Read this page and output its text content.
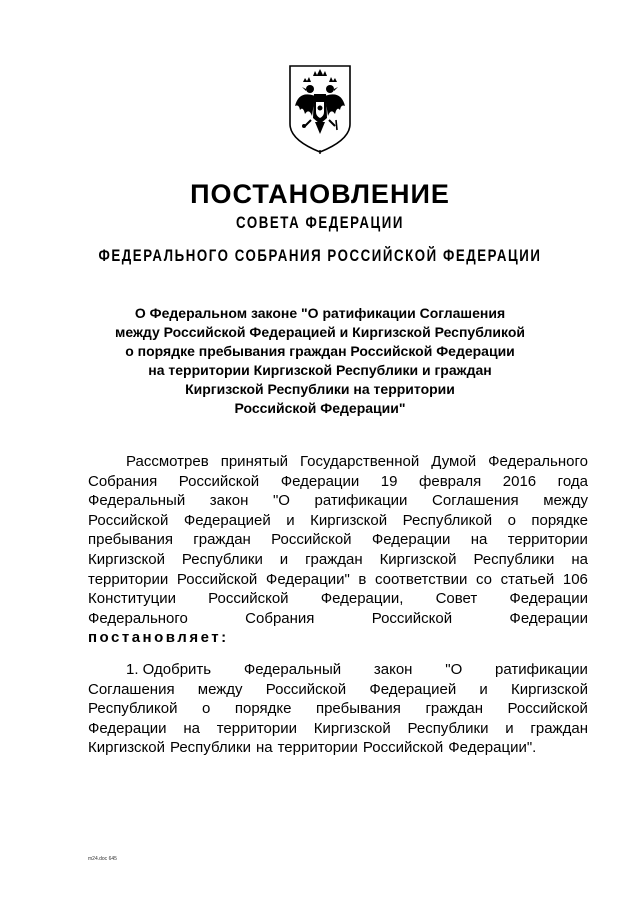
ПОСТАНОВЛЕНИЕ
СОВЕТА ФЕДЕРАЦИИ
ФЕДЕРАЛЬНОГО СОБРАНИЯ РОССИЙСКОЙ ФЕДЕРАЦИИ
О Федеральном законе "О ратификации Соглашения
между Российской Федерацией и Киргизской Республикой
о порядке пребывания граждан Российской Федерации
на территории Киргизской Республики и граждан
Киргизской Республики на территории
Российской Федерации"
Рассмотрев принятый Государственной Думой Федерального
Собрания Российской Федерации 19 февраля 2016 года
Федеральный закон "О ратификации Соглашения между
Российской Федерацией и Киргизской Республикой о порядке
пребывания граждан Российской Федерации на территории
Киргизской Республики и граждан Киргизской Республики на
территории Российской Федерации" в соответствии со статьей 106
Конституции Российской Федерации, Совет Федерации
Федерального	Собрания	Российской	Федерации
постановляет:
1. Одобрить Федеральный закон "О ратификации
Соглашения между Российской Федерацией и Киргизской
Республикой о порядке пребывания граждан Российской
Федерации на территории Киргизской Республики и граждан
Киргизской Республики на территории Российской Федерации".
m24.doc 645
